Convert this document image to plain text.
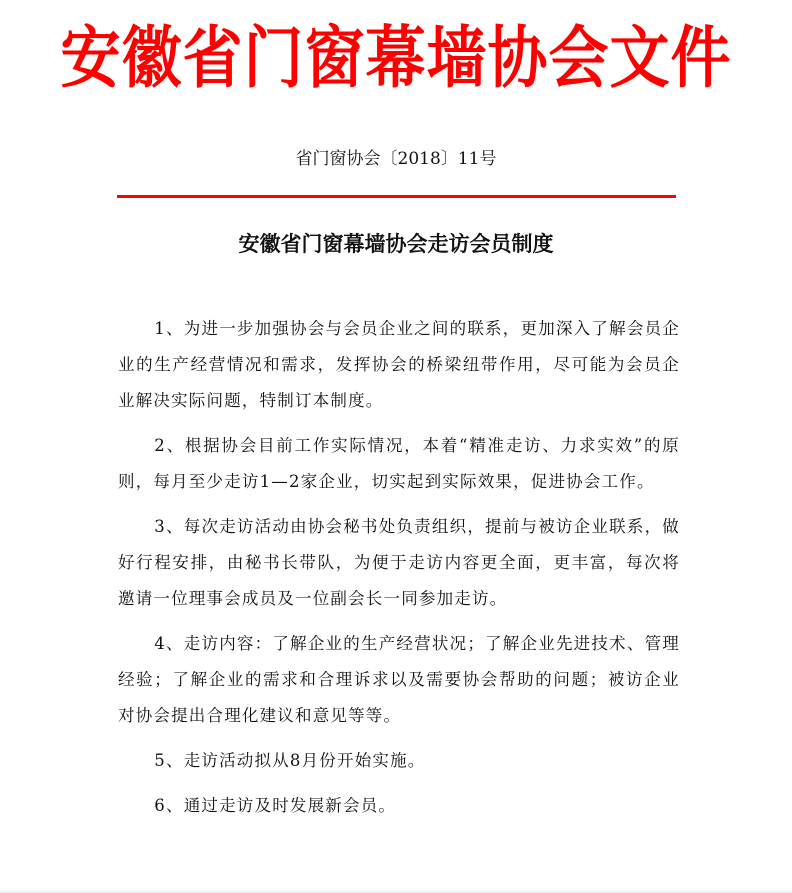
安徽省门窗幕墙协会文件
省门窗协会〔2018〕11号
安徽省门窗幕墙协会走访会员制度

1、为进一步加强协会与会员企业之间的联系，更加深入了解会员企业的生产经营情况和需求，发挥协会的桥梁纽带作用，尽可能为会员企业解决实际问题，特制订本制度。

2、根据协会目前工作实际情况，本着“精准走访、力求实效”的原则，每月至少走访1—2家企业，切实起到实际效果，促进协会工作。

3、每次走访活动由协会秘书处负责组织，提前与被访企业联系，做好行程安排，由秘书长带队，为便于走访内容更全面，更丰富，每次将邀请一位理事会成员及一位副会长一同参加走访。

4、走访内容：了解企业的生产经营状况；了解企业先进技术、管理经验；了解企业的需求和合理诉求以及需要协会帮助的问题；被访企业对协会提出合理化建议和意见等等。

5、走访活动拟从8月份开始实施。

6、通过走访及时发展新会员。
